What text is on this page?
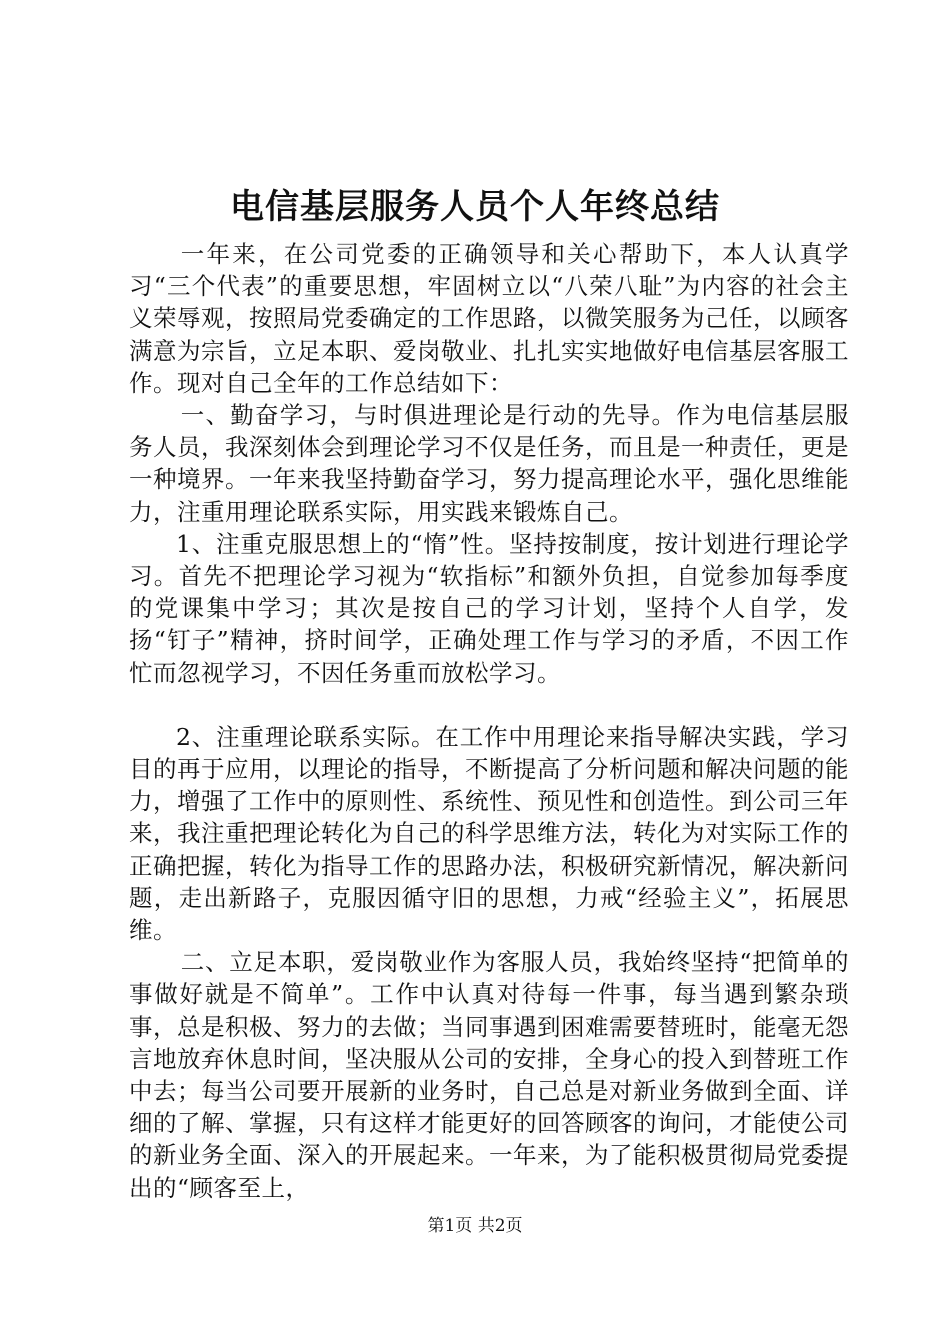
电信基层服务人员个人年终总结

一年来，在公司党委的正确领导和关心帮助下，本人认真学习“三个代表”的重要思想，牢固树立以“八荣八耻”为内容的社会主义荣辱观，按照局党委确定的工作思路，以微笑服务为己任，以顾客满意为宗旨，立足本职、爱岗敬业、扎扎实实地做好电信基层客服工作。现对自己全年的工作总结如下：

一、勤奋学习，与时俱进理论是行动的先导。作为电信基层服务人员，我深刻体会到理论学习不仅是任务，而且是一种责任，更是一种境界。一年来我坚持勤奋学习，努力提高理论水平，强化思维能力，注重用理论联系实际，用实践来锻炼自己。

1、注重克服思想上的“惰”性。坚持按制度，按计划进行理论学习。首先不把理论学习视为“软指标”和额外负担，自觉参加每季度的党课集中学习；其次是按自己的学习计划，坚持个人自学，发扬“钉子”精神，挤时间学，正确处理工作与学习的矛盾，不因工作忙而忽视学习，不因任务重而放松学习。

2、注重理论联系实际。在工作中用理论来指导解决实践，学习目的再于应用，以理论的指导，不断提高了分析问题和解决问题的能力，增强了工作中的原则性、系统性、预见性和创造性。到公司三年来，我注重把理论转化为自己的科学思维方法，转化为对实际工作的正确把握，转化为指导工作的思路办法，积极研究新情况，解决新问题，走出新路子，克服因循守旧的思想，力戒“经验主义”，拓展思维。

二、立足本职，爱岗敬业作为客服人员，我始终坚持“把简单的事做好就是不简单”。工作中认真对待每一件事，每当遇到繁杂琐事，总是积极、努力的去做；当同事遇到困难需要替班时，能毫无怨言地放弃休息时间，坚决服从公司的安排，全身心的投入到替班工作中去；每当公司要开展新的业务时，自己总是对新业务做到全面、详细的了解、掌握，只有这样才能更好的回答顾客的询问，才能使公司的新业务全面、深入的开展起来。一年来，为了能积极贯彻局党委提出的“顾客至上，

第1页 共2页
